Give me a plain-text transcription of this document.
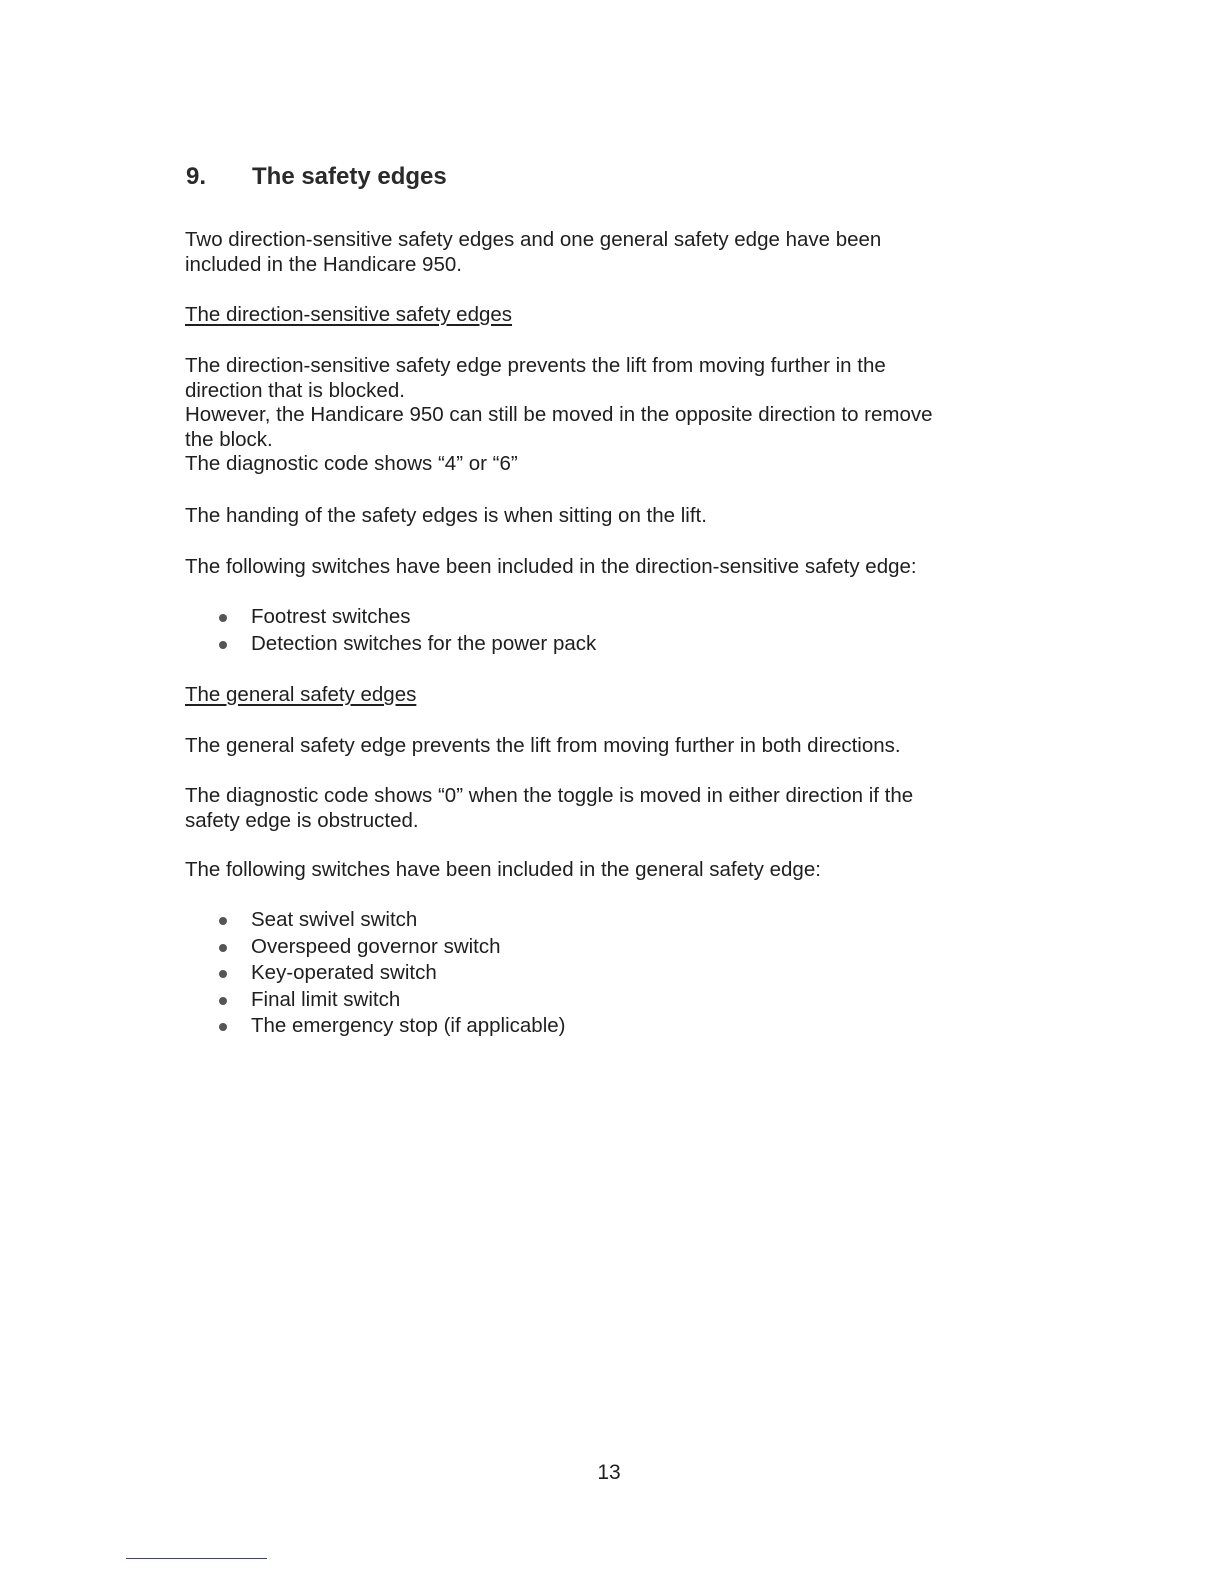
9. The safety edges

Two direction-sensitive safety edges and one general safety edge have been
included in the Handicare 950.

The direction-sensitive safety edges

The direction-sensitive safety edge prevents the lift from moving further in the
direction that is blocked.
However, the Handicare 950 can still be moved in the opposite direction to remove
the block.
The diagnostic code shows “4” or “6”

The handing of the safety edges is when sitting on the lift.

The following switches have been included in the direction-sensitive safety edge:

Footrest switches
Detection switches for the power pack

The general safety edges

The general safety edge prevents the lift from moving further in both directions.

The diagnostic code shows “0” when the toggle is moved in either direction if the
safety edge is obstructed.

The following switches have been included in the general safety edge:

Seat swivel switch
Overspeed governor switch
Key-operated switch
Final limit switch
The emergency stop (if applicable)
13
